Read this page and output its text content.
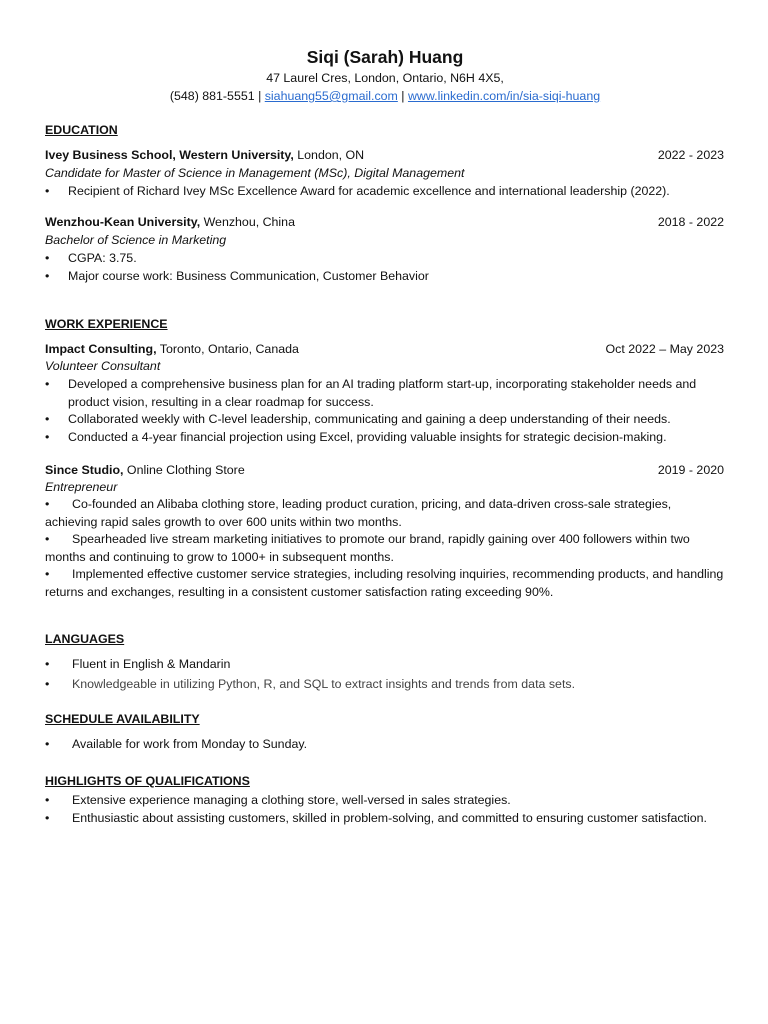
Siqi (Sarah) Huang
47 Laurel Cres, London, Ontario, N6H 4X5,
(548) 881-5551 | siahuang55@gmail.com | www.linkedin.com/in/sia-siqi-huang
EDUCATION
Ivey Business School, Western University, London, ON	2022 - 2023
Candidate for Master of Science in Management (MSc), Digital Management
• Recipient of Richard Ivey MSc Excellence Award for academic excellence and international leadership (2022).
Wenzhou-Kean University, Wenzhou, China	2018 - 2022
Bachelor of Science in Marketing
• CGPA: 3.75.
• Major course work: Business Communication, Customer Behavior
WORK EXPERIENCE
Impact Consulting, Toronto, Ontario, Canada	Oct 2022 – May 2023
Volunteer Consultant
• Developed a comprehensive business plan for an AI trading platform start-up, incorporating stakeholder needs and product vision, resulting in a clear roadmap for success.
• Collaborated weekly with C-level leadership, communicating and gaining a deep understanding of their needs.
• Conducted a 4-year financial projection using Excel, providing valuable insights for strategic decision-making.
Since Studio, Online Clothing Store	2019 - 2020
Entrepreneur
• Co-founded an Alibaba clothing store, leading product curation, pricing, and data-driven cross-sale strategies, achieving rapid sales growth to over 600 units within two months.
• Spearheaded live stream marketing initiatives to promote our brand, rapidly gaining over 400 followers within two months and continuing to grow to 1000+ in subsequent months.
• Implemented effective customer service strategies, including resolving inquiries, recommending products, and handling returns and exchanges, resulting in a consistent customer satisfaction rating exceeding 90%.
LANGUAGES
• Fluent in English & Mandarin
• Knowledgeable in utilizing Python, R, and SQL to extract insights and trends from data sets.
SCHEDULE AVAILABILITY
• Available for work from Monday to Sunday.
HIGHLIGHTS OF QUALIFICATIONS
• Extensive experience managing a clothing store, well-versed in sales strategies.
• Enthusiastic about assisting customers, skilled in problem-solving, and committed to ensuring customer satisfaction.
